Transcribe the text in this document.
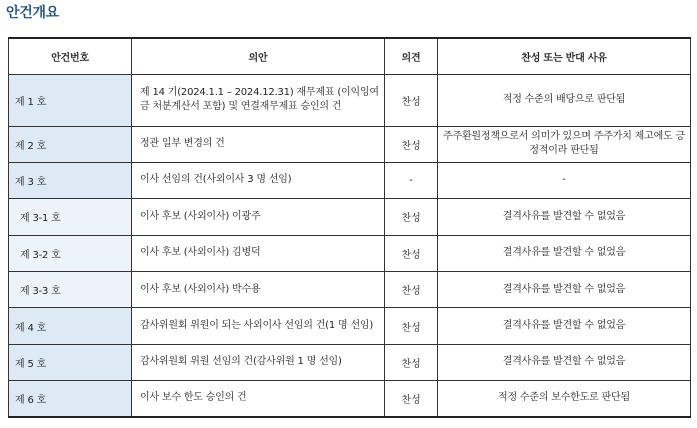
안건개요
안건번호	의안	의견	찬성 또는 반대 사유
제 1 호	제 14 기(2024.1.1 – 2024.12.31) 재무제표 (이익잉여금 처분계산서 포함) 및 연결재무제표 승인의 건	찬성	적정 수준의 배당으로 판단됨
제 2 호	정관 일부 변경의 건	찬성	주주환원정책으로서 의미가 있으며 주주가치 제고에도 긍정적이라 판단됨
제 3 호	이사 선임의 건(사외이사 3 명 선임)	-	-
제 3-1 호	이사 후보 (사외이사) 이광주	찬성	결격사유를 발견할 수 없었음
제 3-2 호	이사 후보 (사외이사) 김병덕	찬성	결격사유를 발견할 수 없었음
제 3-3 호	이사 후보 (사외이사) 박수용	찬성	결격사유를 발견할 수 없었음
제 4 호	감사위원회 위원이 되는 사외이사 선임의 건(1 명 선임)	찬성	결격사유를 발견할 수 없었음
제 5 호	감사위원회 위원 선임의 건(감사위원 1 명 선임)	찬성	결격사유를 발견할 수 없었음
제 6 호	이사 보수 한도 승인의 건	찬성	적정 수준의 보수한도로 판단됨
